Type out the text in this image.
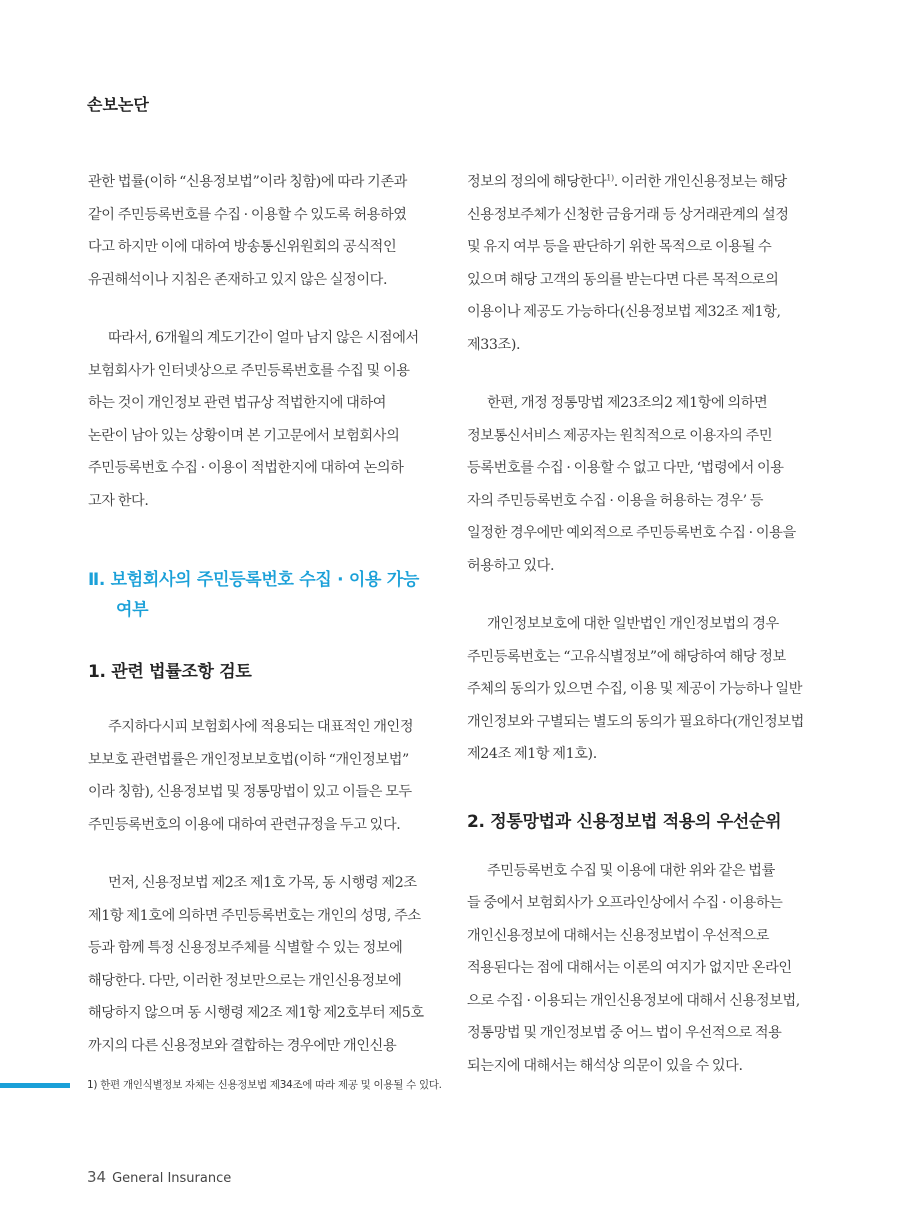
손보논단

관한 법률(이하 “신용정보법”이라 칭함)에 따라 기존과
같이 주민등록번호를 수집 · 이용할 수 있도록 허용하였
다고 하지만 이에 대하여 방송통신위원회의 공식적인
유권해석이나 지침은 존재하고 있지 않은 실정이다.

따라서, 6개월의 계도기간이 얼마 남지 않은 시점에서
보험회사가 인터넷상으로 주민등록번호를 수집 및 이용
하는 것이 개인정보 관련 법규상 적법한지에 대하여
논란이 남아 있는 상황이며 본 기고문에서 보험회사의
주민등록번호 수집 · 이용이 적법한지에 대하여 논의하
고자 한다.

Ⅱ. 보험회사의 주민등록번호 수집 · 이용 가능 여부
1. 관련 법률조항 검토

주지하다시피 보험회사에 적용되는 대표적인 개인정
보보호 관련법률은 개인정보보호법(이하 “개인정보법”
이라 칭함), 신용정보법 및 정통망법이 있고 이들은 모두
주민등록번호의 이용에 대하여 관련규정을 두고 있다.

먼저, 신용정보법 제2조 제1호 가목, 동 시행령 제2조
제1항 제1호에 의하면 주민등록번호는 개인의 성명, 주소
등과 함께 특정 신용정보주체를 식별할 수 있는 정보에
해당한다. 다만, 이러한 정보만으로는 개인신용정보에
해당하지 않으며 동 시행령 제2조 제1항 제2호부터 제5호
까지의 다른 신용정보와 결합하는 경우에만 개인신용

정보의 정의에 해당한다$^{1)}$. 이러한 개인신용정보는 해당
신용정보주체가 신청한 금융거래 등 상거래관계의 설정
및 유지 여부 등을 판단하기 위한 목적으로 이용될 수
있으며 해당 고객의 동의를 받는다면 다른 목적으로의
이용이나 제공도 가능하다(신용정보법 제32조 제1항,
제33조).

한편, 개정 정통망법 제23조의2 제1항에 의하면
정보통신서비스 제공자는 원칙적으로 이용자의 주민
등록번호를 수집 · 이용할 수 없고 다만, ‘법령에서 이용
자의 주민등록번호 수집 · 이용을 허용하는 경우’ 등
일정한 경우에만 예외적으로 주민등록번호 수집 · 이용을
허용하고 있다.

개인정보보호에 대한 일반법인 개인정보법의 경우
주민등록번호는 “고유식별정보”에 해당하여 해당 정보
주체의 동의가 있으면 수집, 이용 및 제공이 가능하나 일반
개인정보와 구별되는 별도의 동의가 필요하다(개인정보법
제24조 제1항 제1호).

2. 정통망법과 신용정보법 적용의 우선순위

주민등록번호 수집 및 이용에 대한 위와 같은 법률
들 중에서 보험회사가 오프라인상에서 수집 · 이용하는
개인신용정보에 대해서는 신용정보법이 우선적으로
적용된다는 점에 대해서는 이론의 여지가 없지만 온라인
으로 수집 · 이용되는 개인신용정보에 대해서 신용정보법,
정통망법 및 개인정보법 중 어느 법이 우선적으로 적용
되는지에 대해서는 해석상 의문이 있을 수 있다.

1) 한편 개인식별정보 자체는 신용정보법 제34조에 따라 제공 및 이용될 수 있다.
34 General Insurance
